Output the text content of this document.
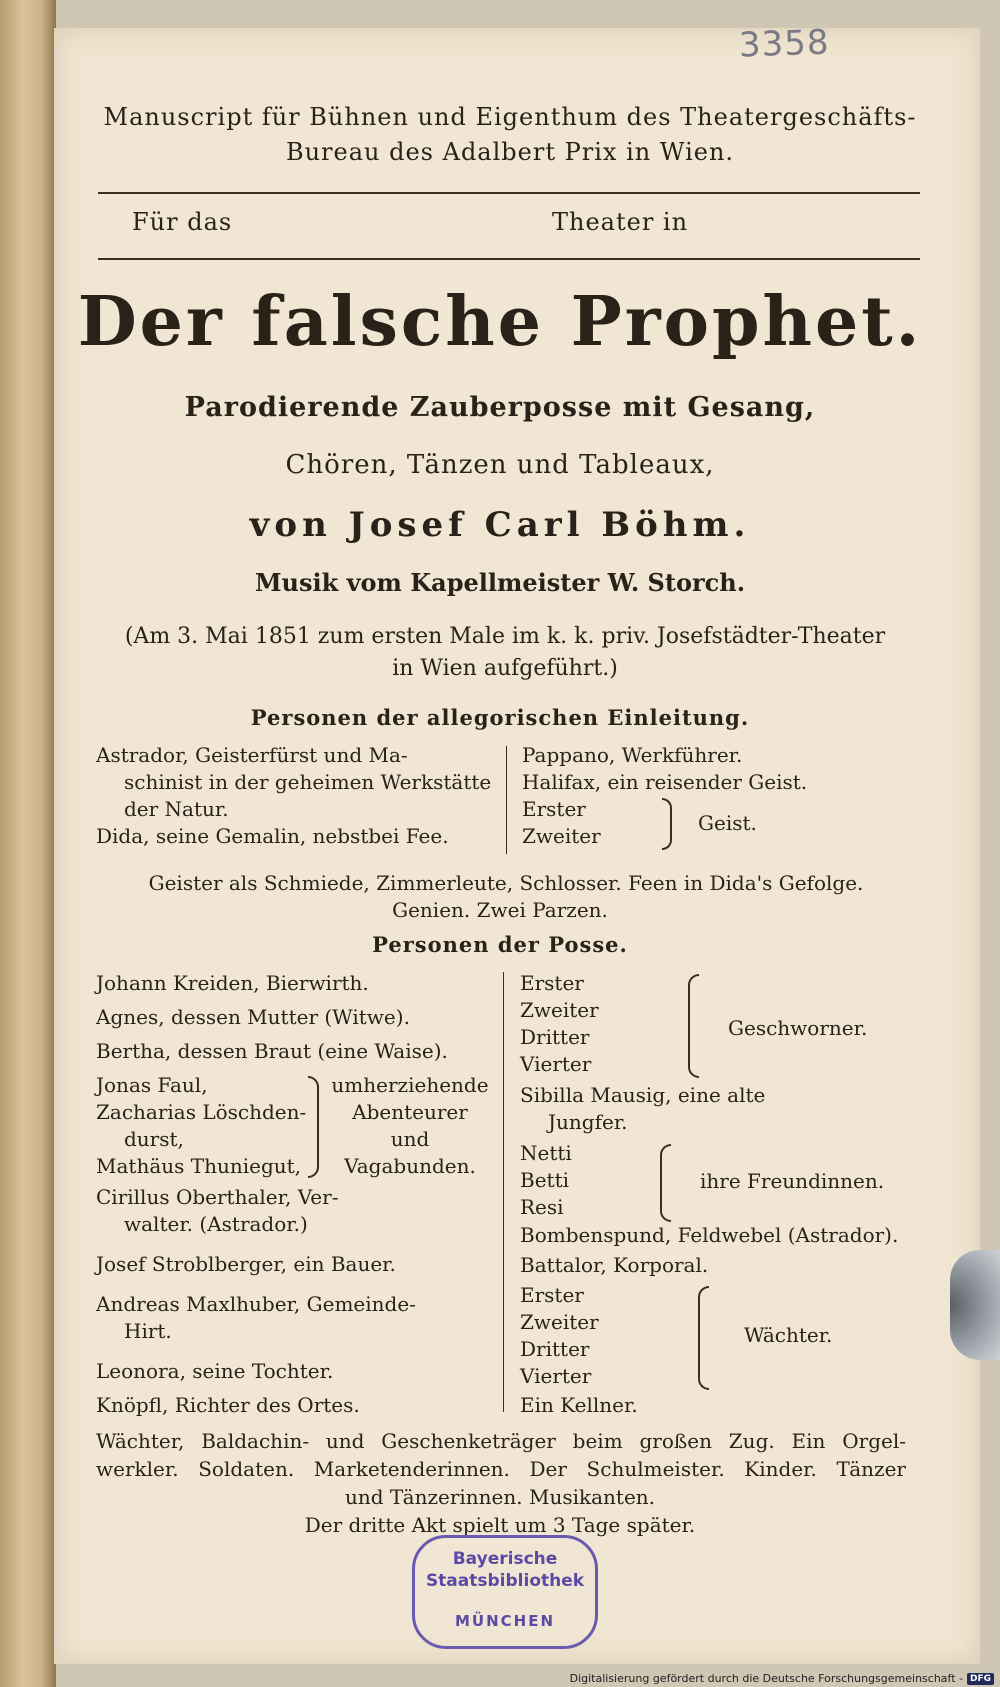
3358
Manuscript für Bühnen und Eigenthum des Theatergeschäfts-
Bureau des Adalbert Prix in Wien.
Für das	Theater in
Der falsche Prophet.
Parodierende Zauberposse mit Gesang,
Chören, Tänzen und Tableaux,
von Josef Carl Böhm.
Musik vom Kapellmeister W. Storch.
(Am 3. Mai 1851 zum ersten Male im k. k. priv. Josefstädter-Theater
in Wien aufgeführt.)
Personen der allegorischen Einleitung.
Astrador, Geisterfürst und Ma-
schinist in der geheimen Werkstätte
der Natur.
Dida, seine Gemalin, nebstbei Fee.
Pappano, Werkführer.
Halifax, ein reisender Geist.
Erster
Zweiter
Geist.
Geister als Schmiede, Zimmerleute, Schlosser. Feen in Dida's Gefolge.
Genien. Zwei Parzen.
Personen der Posse.
Johann Kreiden, Bierwirth.
Agnes, dessen Mutter (Witwe).
Bertha, dessen Braut (eine Waise).
Jonas Faul,
Zacharias Löschden-
durst,
Mathäus Thuniegut,
umherziehende
Abenteurer
und
Vagabunden.
Cirillus Oberthaler, Ver-
walter. (Astrador.)
Josef Stroblberger, ein Bauer.
Andreas Maxlhuber, Gemeinde-
Hirt.
Leonora, seine Tochter.
Knöpfl, Richter des Ortes.
Erster
Zweiter
Dritter
Vierter
Geschworner.
Sibilla Mausig, eine alte
Jungfer.
Netti
Betti
Resi
ihre Freundinnen.
Bombenspund, Feldwebel (Astrador).
Battalor, Korporal.
Erster
Zweiter
Dritter
Vierter
Wächter.
Ein Kellner.
Wächter, Baldachin- und Geschenketräger beim großen Zug. Ein Orgel-
werkler. Soldaten. Marketenderinnen. Der Schulmeister. Kinder. Tänzer
und Tänzerinnen. Musikanten.
Der dritte Akt spielt um 3 Tage später.
Bayerische
Staatsbibliothek
MÜNCHEN
Digitalisierung gefördert durch die Deutsche Forschungsgemeinschaft - DFG
